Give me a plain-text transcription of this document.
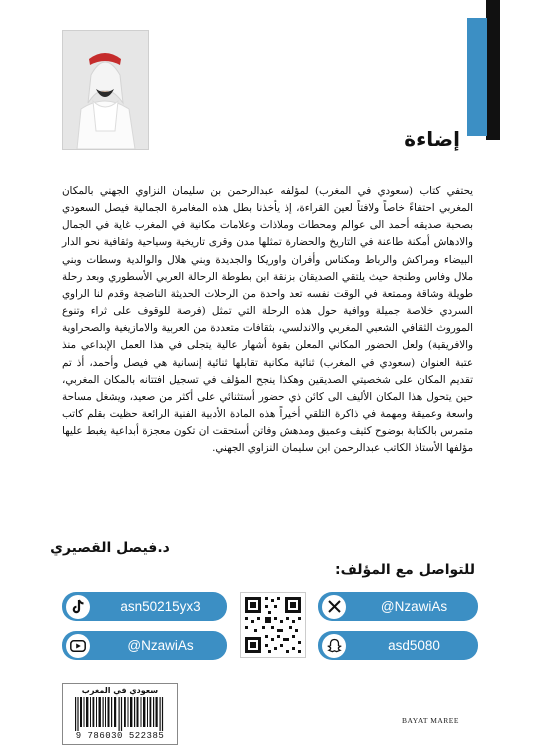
إضاءة

يحتفي كتاب (سعودي في المغرب) لمؤلفه عبدالرحمن بن سليمان النزاوي الجهني بالمكان المغربي احتفاءً خاصاً ولافتاً لعين القراءة، إذ يأخذنا بطل هذه المغامرة الجمالية فيصل السعودي بصحبة صديقه أحمد الى عوالم ومحطات وملاذات وعلامات مكانية في المغرب غاية في الجمال والادهاش أمكنة طاعنة في التاريخ والحضارة تمثلها مدن وقرى تاريخية وسياحية وثقافية نحو الدار البيضاء ومراكش والرباط ومكناس وأفران واوريكا والجديدة وبني هلال والوالدية وسطات وبني ملال وفاس وطنجة حيث يلتقي الصديقان بزنقة ابن بطوطة الرحالة العربي الأسطوري وبعد رحلة طويلة وشاقة وممتعة في الوقت نفسه تعد واحدة من الرحلات الحديثة الناضجة وقدم لنا الراوي السردي خلاصة جميلة ووافية حول هذه الرحلة التي تمثل (فرصة للوقوف على ثراء وتنوع الموروث الثقافي الشعبي المغربي والاندلسي، بثقافات متعددة من العربية والامازيغية والصحراوية والافريقية) ولعل الحضور المكاني المعلن بقوة أشهار عالية يتجلى في هذا العمل الإبداعي منذ عتبة العنوان (سعودي في المغرب) ثنائية مكانية تقابلها ثنائية إنسانية هي فيصل وأحمد، أذ تم تقديم المكان على شخصيتي الصديقين وهكذا ينجح المؤلف في تسجيل افتتانه بالمكان المغربي، حين يتحول هذا المكان الأليف الى كائن ذي حضور أستثنائي على أكثر من صعيد، ويشغل مساحة واسعة وعميقة ومهمة في ذاكرة التلقي أخيراً هذه المادة الأدبية الفنية الرائعة حظيت بقلم كاتب متمرس بالكتابة بوضوح كثيف وعميق ومدهش وفاتن أستحقت ان تكون معجزة أبداعية يغبط عليها مؤلفها الأستاذ الكاتب عبدالرحمن ابن سليمان النزاوي الجهني.

د.فيصل القصيري
للتواصل مع المؤلف:
asn50215yx3
@NzawiAs
@NzawiAs
asd5080
سعودي في المغرب
9 786030 522385
BAYAT MAREE
